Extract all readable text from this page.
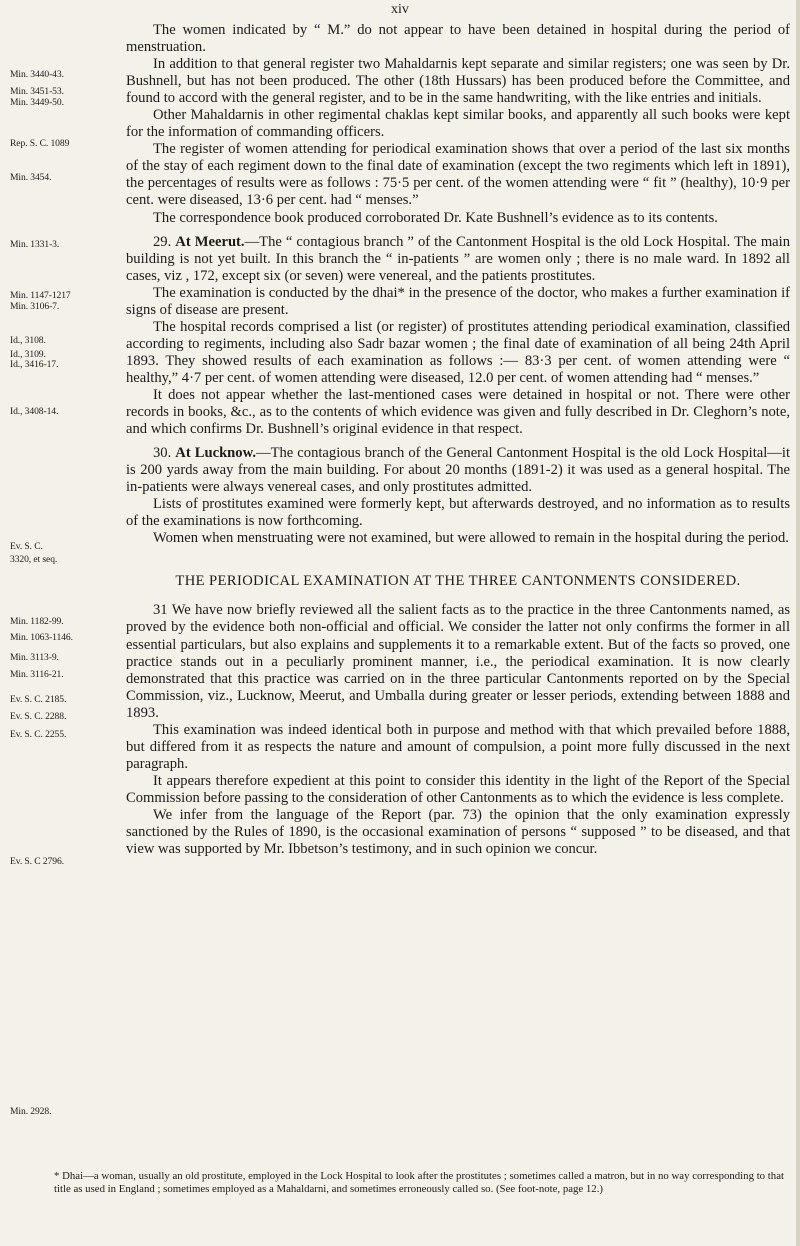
xiv
Min. 3440-43.
Min. 3451-53.
Min. 3449-50.
Rep. S. C. 1089
Min. 3454.
Min. 1331-3.
Min. 1147-1217
Min. 3106-7.
Id., 3108.
Id., 3109.
Id., 3416-17.
Id., 3408-14.
Ev. S. C.
3320, et seq.
Min. 1182-99.
Min. 1063-1146.
Min. 3113-9.
Min. 3116-21.
Ev. S. C. 2185.
Ev. S. C. 2288.
Ev. S. C. 2255.
Ev. S. C 2796.
Min. 2928.

The women indicated by “ M.” do not appear to have been detained in hospital during the period of menstruation.

In addition to that general register two Mahaldarnis kept separate and similar registers; one was seen by Dr. Bushnell, but has not been produced. The other (18th Hussars) has been produced before the Committee, and found to accord with the general register, and to be in the same handwriting, with the like entries and initials.

Other Mahaldarnis in other regimental chaklas kept similar books, and apparently all such books were kept for the information of commanding officers.

The register of women attending for periodical examination shows that over a period of the last six months of the stay of each regiment down to the final date of examination (except the two regiments which left in 1891), the percentages of results were as follows : 75·5 per cent. of the women attending were “ fit ” (healthy), 10·9 per cent. were diseased, 13·6 per cent. had “ menses.”

The correspondence book produced corroborated Dr. Kate Bushnell’s evidence as to its contents.

29. At Meerut.—The “ contagious branch ” of the Cantonment Hospital is the old Lock Hospital. The main building is not yet built. In this branch the “ in-patients ” are women only ; there is no male ward. In 1892 all cases, viz , 172, except six (or seven) were venereal, and the patients prostitutes.

The examination is conducted by the dhai* in the presence of the doctor, who makes a further examination if signs of disease are present.

The hospital records comprised a list (or register) of prostitutes attending periodical examination, classified according to regiments, including also Sadr bazar women ; the final date of examination of all being 24th April 1893. They showed results of each examination as follows :— 83·3 per cent. of women attending were “ healthy,” 4·7 per cent. of women attending were diseased, 12.0 per cent. of women attending had “ menses.”

It does not appear whether the last-mentioned cases were detained in hospital or not. There were other records in books, &c., as to the contents of which evidence was given and fully described in Dr. Cleghorn’s note, and which confirms Dr. Bushnell’s original evidence in that respect.

30. At Lucknow.—The contagious branch of the General Cantonment Hospital is the old Lock Hospital—it is 200 yards away from the main building. For about 20 months (1891-2) it was used as a general hospital. The in-patients were always venereal cases, and only prostitutes admitted.

Lists of prostitutes examined were formerly kept, but afterwards destroyed, and no information as to results of the examinations is now forthcoming.

Women when menstruating were not examined, but were allowed to remain in the hospital during the period.

THE PERIODICAL EXAMINATION AT THE THREE CANTONMENTS CONSIDERED.

31 We have now briefly reviewed all the salient facts as to the practice in the three Cantonments named, as proved by the evidence both non-official and official. We consider the latter not only confirms the former in all essential particulars, but also explains and supplements it to a remarkable extent. But of the facts so proved, one practice stands out in a peculiarly prominent manner, i.e., the periodical examination. It is now clearly demonstrated that this practice was carried on in the three particular Cantonments reported on by the Special Commission, viz., Lucknow, Meerut, and Umballa during greater or lesser periods, extending between 1888 and 1893.

This examination was indeed identical both in purpose and method with that which prevailed before 1888, but differed from it as respects the nature and amount of compulsion, a point more fully discussed in the next paragraph.

It appears therefore expedient at this point to consider this identity in the light of the Report of the Special Commission before passing to the consideration of other Cantonments as to which the evidence is less complete.

We infer from the language of the Report (par. 73) the opinion that the only examination expressly sanctioned by the Rules of 1890, is the occasional examination of persons “ supposed ” to be diseased, and that view was supported by Mr. Ibbetson’s testimony, and in such opinion we concur.

* Dhai—a woman, usually an old prostitute, employed in the Lock Hospital to look after the prostitutes ; sometimes called a matron, but in no way corresponding to that title as used in England ; sometimes employed as a Mahaldarni, and sometimes erroneously called so. (See foot-note, page 12.)
